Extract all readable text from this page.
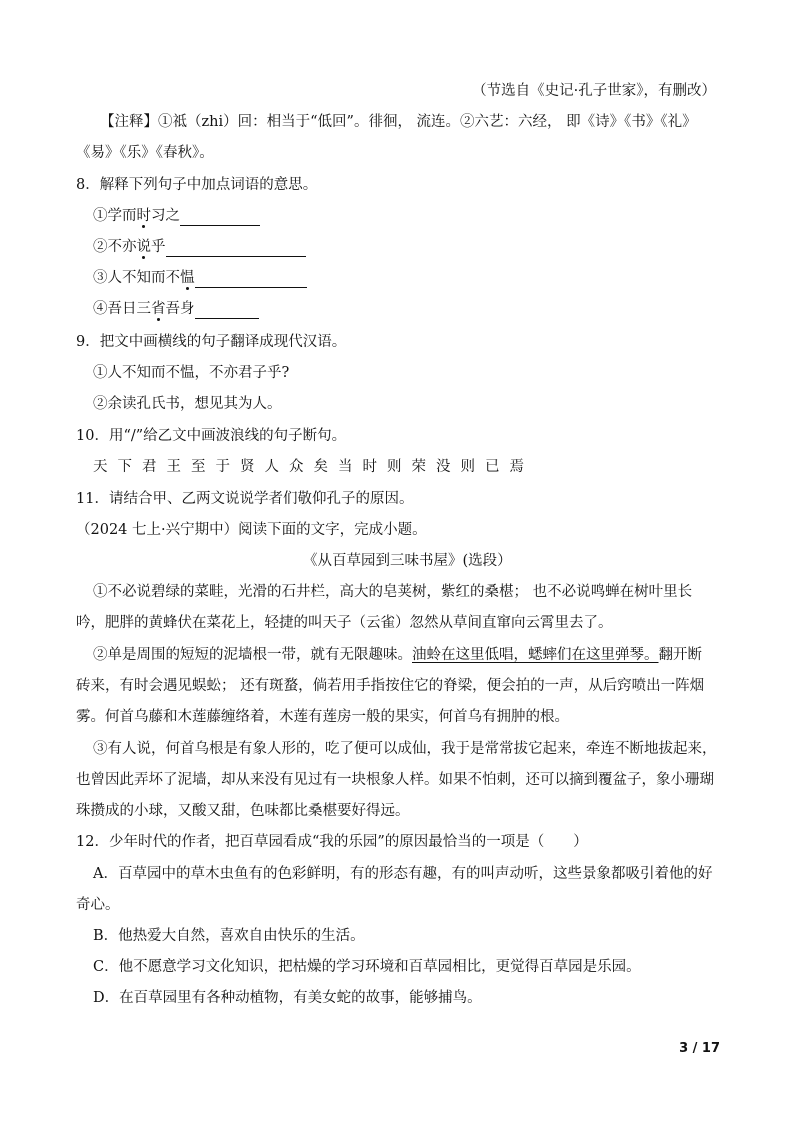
（节选自《史记·孔子世家》，有删改）
【注释】①祗（zhi）回：相当于“低回”。徘徊， 流连。②六艺：六经， 即《诗》《书》《礼》
《易》《乐》《春秋》。
8．解释下列句子中加点词语的意思。
①学而时习之
②不亦说乎
③人不知而不愠
④吾日三省吾身
9．把文中画横线的句子翻译成现代汉语。
①人不知而不愠，不亦君子乎?
②余读孔氏书，想见其为人。
10．用“/”给乙文中画波浪线的句子断句。
天下君王至于贤人众矣当时则荣没则已焉
11．请结合甲、乙两文说说学者们敬仰孔子的原因。
（2024 七上·兴宁期中）阅读下面的文字，完成小题。
《从百草园到三味书屋》(选段）
①不必说碧绿的菜畦，光滑的石井栏，高大的皂荚树，紫红的桑椹； 也不必说鸣蝉在树叶里长
吟，肥胖的黄蜂伏在菜花上，轻捷的叫天子（云雀）忽然从草间直窜向云霄里去了。
②单是周围的短短的泥墙根一带，就有无限趣味。油蛉在这里低唱，蟋蟀们在这里弹琴。翻开断
砖来，有时会遇见蜈蚣； 还有斑蝥，倘若用手指按住它的脊梁，便会拍的一声，从后窍喷出一阵烟
雾。何首乌藤和木莲藤缠络着，木莲有莲房一般的果实，何首乌有拥肿的根。
③有人说，何首乌根是有象人形的，吃了便可以成仙，我于是常常拔它起来，牵连不断地拔起来，
也曾因此弄坏了泥墙，却从来没有见过有一块根象人样。如果不怕刺，还可以摘到覆盆子，象小珊瑚
珠攒成的小球，又酸又甜，色味都比桑椹要好得远。
12．少年时代的作者，把百草园看成“我的乐园”的原因最恰当的一项是（　　）
A．百草园中的草木虫鱼有的色彩鲜明，有的形态有趣，有的叫声动听，这些景象都吸引着他的好
奇心。
B．他热爱大自然，喜欢自由快乐的生活。
C．他不愿意学习文化知识，把枯燥的学习环境和百草园相比，更觉得百草园是乐园。
D．在百草园里有各种动植物，有美女蛇的故事，能够捕鸟。
3 / 17
